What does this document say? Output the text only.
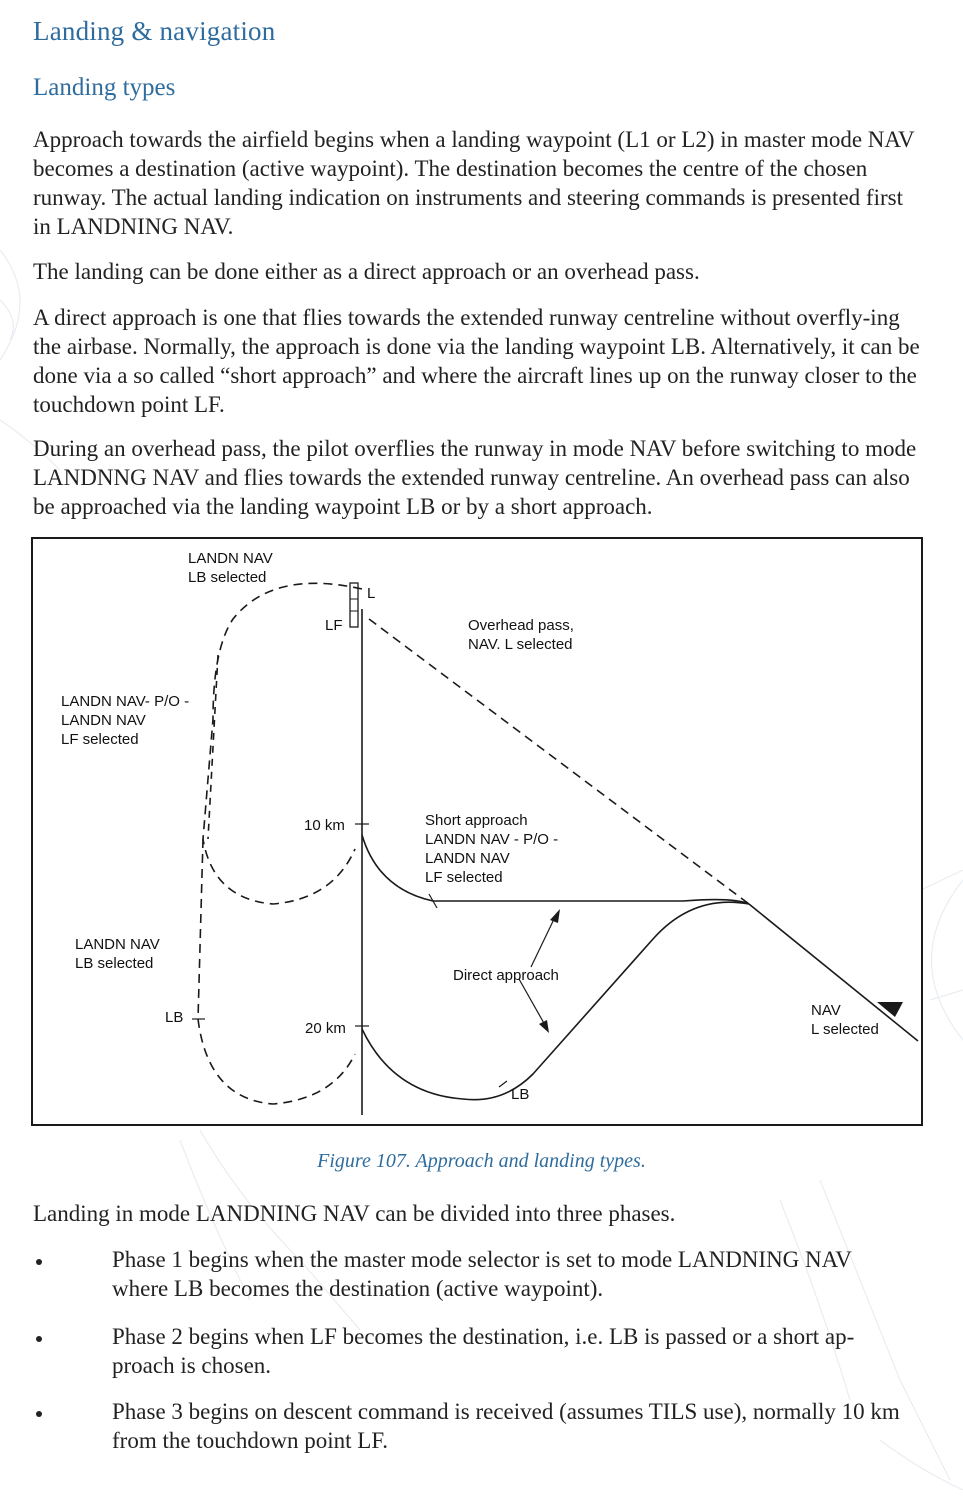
Landing & navigation
Landing types

Approach towards the airfield begins when a landing waypoint (L1 or L2) in master mode NAV becomes a destination (active waypoint). The destination becomes the centre of the chosen runway. The actual landing indication on instruments and steering commands is presented first in LANDNING NAV.

The landing can be done either as a direct approach or an overhead pass.

A direct approach is one that flies towards the extended runway centreline without overfly-ing the airbase. Normally, the approach is done via the landing waypoint LB. Alternatively, it can be done via a so called “short approach” and where the aircraft lines up on the runway closer to the touchdown point LF.

During an overhead pass, the pilot overflies the runway in mode NAV before switching to mode LANDNNG NAV and flies towards the extended runway centreline. An overhead pass can also be approached via the landing waypoint LB or by a short approach.

LANDN NAV
LB selected
L
LF	Overhead pass,
NAV. L selected
LANDN NAV- P/O -
LANDN NAV
LF selected
10 km	Short approach
LANDN NAV - P/O -
LANDN NAV
LF selected
LANDN NAV
LB selected
Direct approach
LB
20 km
LB
NAV
L selected

Figure 107. Approach and landing types.

Landing in mode LANDNING NAV can be divided into three phases.

Phase 1 begins when the master mode selector is set to mode LANDNING NAV where LB becomes the destination (active waypoint).
Phase 2 begins when LF becomes the destination, i.e. LB is passed or a short ap-proach is chosen.
Phase 3 begins on descent command is received (assumes TILS use), normally 10 km from the touchdown point LF.
